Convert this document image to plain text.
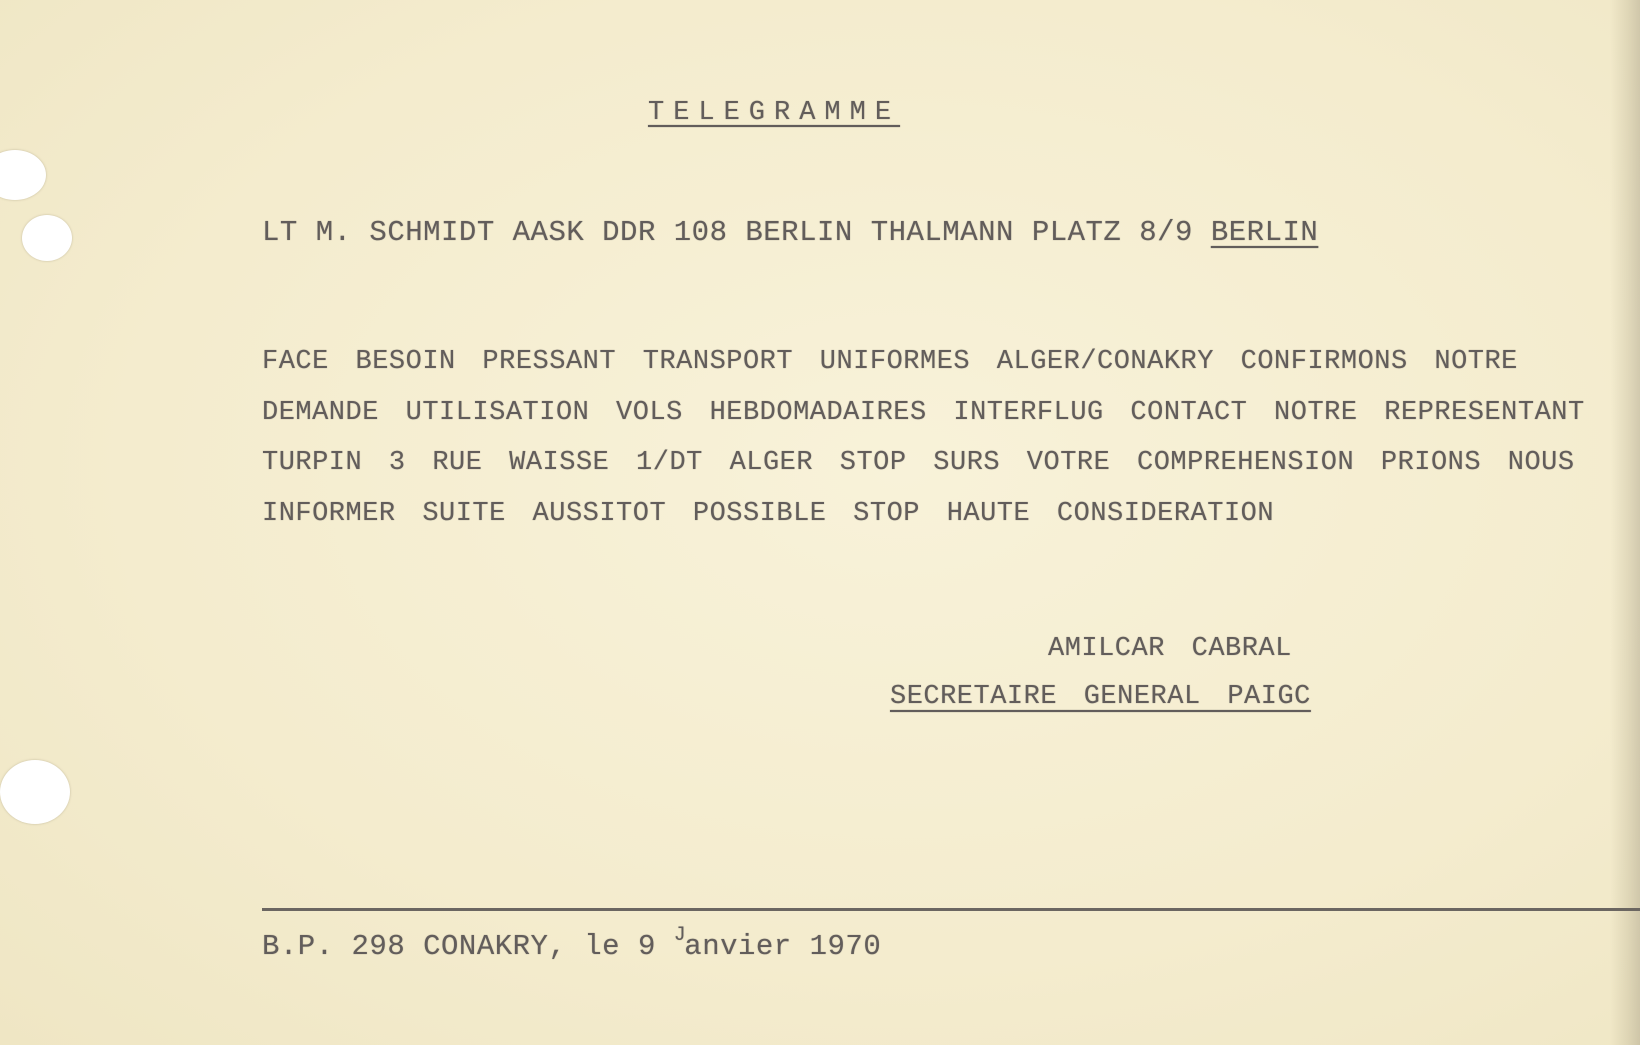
TELEGRAMME
LT M. SCHMIDT AASK DDR 108 BERLIN THALMANN PLATZ 8/9 BERLIN
FACE BESOIN PRESSANT TRANSPORT UNIFORMES ALGER/CONAKRY CONFIRMONS NOTRE
DEMANDE UTILISATION VOLS HEBDOMADAIRES INTERFLUG CONTACT NOTRE REPRESENTANT
TURPIN 3 RUE WAISSE 1/DT ALGER STOP SURS VOTRE COMPREHENSION PRIONS NOUS
INFORMER SUITE AUSSITOT POSSIBLE STOP HAUTE CONSIDERATION
AMILCAR CABRAL
SECRETAIRE GENERAL PAIGC
B.P. 298 CONAKRY, le 9 $^J$anvier 1970
